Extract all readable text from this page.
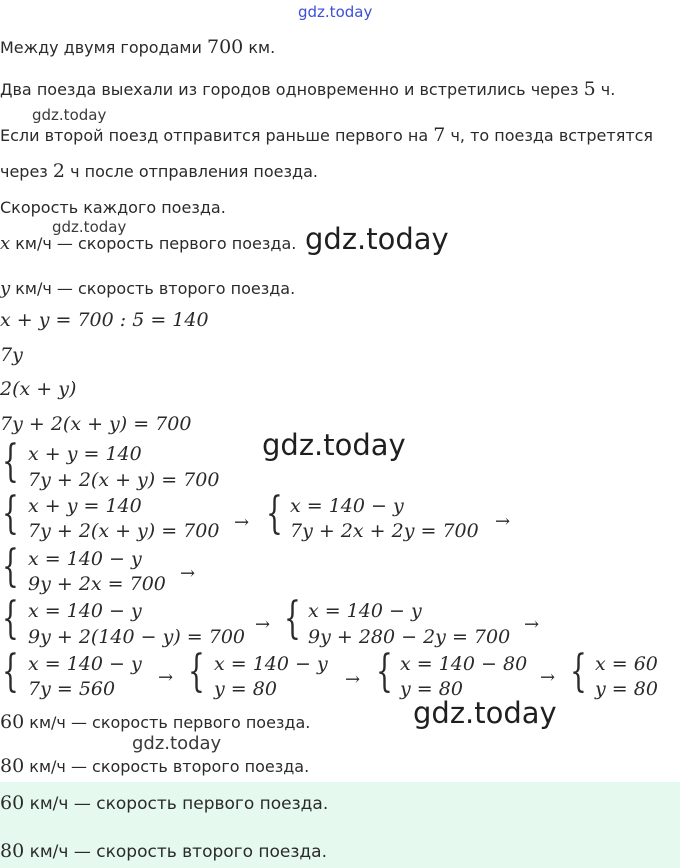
gdz.today
Между двумя городами 700 км.
Два поезда выехали из городов одновременно и встретились через 5 ч.
gdz.today
Если второй поезд отправится раньше первого на 7 ч, то поезда встретятся
через 2 ч после отправления поезда.
Скорость каждого поезда.
gdz.today
x км/ч — скорость первого поезда. gdz.today
y км/ч — скорость второго поезда.
x + y = 700 : 5 = 140
7y
2(x + y)
7y + 2(x + y) = 700
gdz.today
{ x + y = 140
7y + 2(x + y) = 700
{ x + y = 140
7y + 2(x + y) = 700 → { x = 140 − y
7y + 2x + 2y = 700 →
{ x = 140 − y
9y + 2x = 700 →
{ x = 140 − y
9y + 2(140 − y) = 700
→ { x = 140 − y
9y + 280 − 2y = 700
→
{ x = 140 − y
7y = 560
→ { x = 140 − y
y = 80	→ { x = 140 − 80
y = 80
→ { x = 60
y = 80
60 км/ч — скорость первого поезда.	gdz.today
gdz.today
80 км/ч — скорость второго поезда.
60 км/ч — скорость первого поезда.
80 км/ч — скорость второго поезда.
